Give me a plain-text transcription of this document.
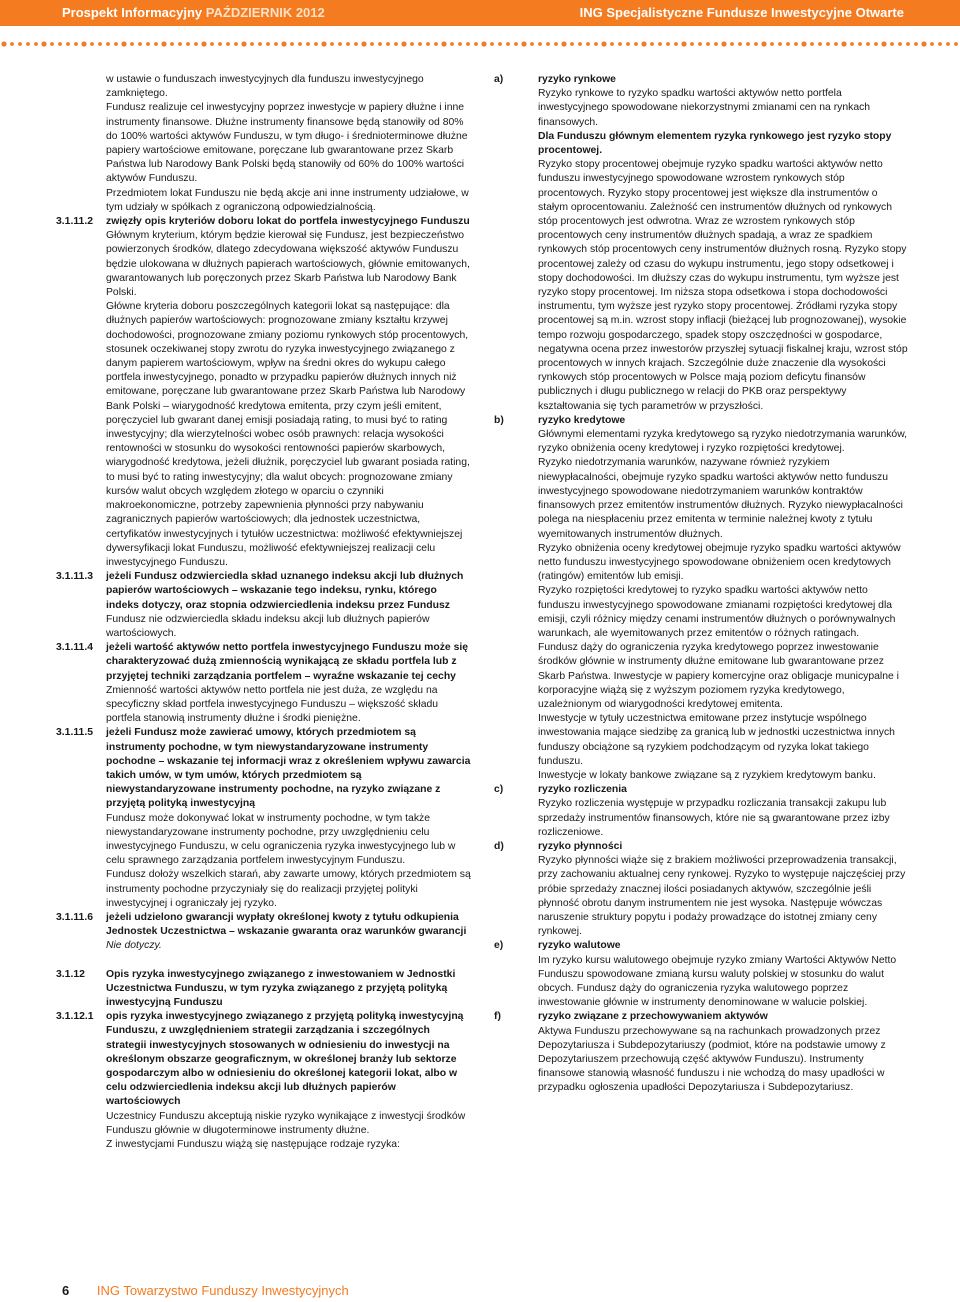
Prospekt Informacyjny PAŹDZIERNIK 2012	ING Specjalistyczne Fundusze Inwestycyjne Otwarte

w ustawie o funduszach inwestycyjnych dla funduszu inwestycyjnego zamkniętego.

Fundusz realizuje cel inwestycyjny poprzez inwestycje w papiery dłużne i inne instrumenty finansowe. Dłużne instrumenty finansowe będą stanowiły od 80% do 100% wartości aktywów Funduszu, w tym długo- i średnioterminowe dłużne papiery wartościowe emitowane, poręczane lub gwarantowane przez Skarb Państwa lub Narodowy Bank Polski będą stanowiły od 60% do 100% wartości aktywów Funduszu.

Przedmiotem lokat Funduszu nie będą akcje ani inne instrumenty udziałowe, w tym udziały w spółkach z ograniczoną odpowiedzialnością.

3.1.11.2	zwięzły opis kryteriów doboru lokat do portfela inwestycyjnego Funduszu

Głównym kryterium, którym będzie kierował się Fundusz, jest bezpieczeństwo powierzonych środków, dlatego zdecydowana większość aktywów Funduszu będzie ulokowana w dłużnych papierach wartościowych, głównie emitowanych, gwarantowanych lub poręczonych przez Skarb Państwa lub Narodowy Bank Polski.

Główne kryteria doboru poszczególnych kategorii lokat są następujące: dla dłużnych papierów wartościowych: prognozowane zmiany kształtu krzywej dochodowości, prognozowane zmiany poziomu rynkowych stóp procentowych, stosunek oczekiwanej stopy zwrotu do ryzyka inwestycyjnego związanego z danym papierem wartościowym, wpływ na średni okres do wykupu całego portfela inwestycyjnego, ponadto w przypadku papierów dłużnych innych niż emitowane, poręczane lub gwarantowane przez Skarb Państwa lub Narodowy Bank Polski – wiarygodność kredytowa emitenta, przy czym jeśli emitent, poręczyciel lub gwarant danej emisji posiadają rating, to musi być to rating inwestycyjny; dla wierzytelności wobec osób prawnych: relacja wysokości rentowności w stosunku do wysokości rentowności papierów skarbowych, wiarygodność kredytowa, jeżeli dłużnik, poręczyciel lub gwarant posiada rating, to musi być to rating inwestycyjny; dla walut obcych: prognozowane zmiany kursów walut obcych względem złotego w oparciu o czynniki makroekonomiczne, potrzeby zapewnienia płynności przy nabywaniu zagranicznych papierów wartościowych; dla jednostek uczestnictwa, certyfikatów inwestycyjnych i tytułów uczestnictwa: możliwość efektywniejszej dywersyfikacji lokat Funduszu, możliwość efektywniejszej realizacji celu inwestycyjnego Funduszu.

3.1.11.3	jeżeli Fundusz odzwierciedla skład uznanego indeksu akcji lub dłużnych papierów wartościowych – wskazanie tego indeksu, rynku, którego indeks dotyczy, oraz stopnia odzwierciedlenia indeksu przez Fundusz

Fundusz nie odzwierciedla składu indeksu akcji lub dłużnych papierów wartościowych.

3.1.11.4	jeżeli wartość aktywów netto portfela inwestycyjnego Funduszu może się charakteryzować dużą zmiennością wynikającą ze składu portfela lub z przyjętej techniki zarządzania portfelem – wyraźne wskazanie tej cechy

Zmienność wartości aktywów netto portfela nie jest duża, ze względu na specyficzny skład portfela inwestycyjnego Funduszu – większość składu portfela stanowią instrumenty dłużne i środki pieniężne.

3.1.11.5	jeżeli Fundusz może zawierać umowy, których przedmiotem są instrumenty pochodne, w tym niewystandaryzowane instrumenty pochodne – wskazanie tej informacji wraz z określeniem wpływu zawarcia takich umów, w tym umów, których przedmiotem są niewystandaryzowane instrumenty pochodne, na ryzyko związane z przyjętą polityką inwestycyjną

Fundusz może dokonywać lokat w instrumenty pochodne, w tym także niewystandaryzowane instrumenty pochodne, przy uwzględnieniu celu inwestycyjnego Funduszu, w celu ograniczenia ryzyka inwestycyjnego lub w celu sprawnego zarządzania portfelem inwestycyjnym Funduszu.

Fundusz dołoży wszelkich starań, aby zawarte umowy, których przedmiotem są instrumenty pochodne przyczyniały się do realizacji przyjętej polityki inwestycyjnej i ograniczały jej ryzyko.

3.1.11.6	jeżeli udzielono gwarancji wypłaty określonej kwoty z tytułu odkupienia Jednostek Uczestnictwa – wskazanie gwaranta oraz warunków gwarancji

Nie dotyczy.

3.1.12	Opis ryzyka inwestycyjnego związanego z inwestowaniem w Jednostki Uczestnictwa Funduszu, w tym ryzyka związanego z przyjętą polityką inwestycyjną Funduszu

3.1.12.1	opis ryzyka inwestycyjnego związanego z przyjętą polityką inwestycyjną Funduszu, z uwzględnieniem strategii zarządzania i szczególnych strategii inwestycyjnych stosowanych w odniesieniu do inwestycji na określonym obszarze geograficznym, w określonej branży lub sektorze gospodarczym albo w odniesieniu do określonej kategorii lokat, albo w celu odzwierciedlenia indeksu akcji lub dłużnych papierów wartościowych

Uczestnicy Funduszu akceptują niskie ryzyko wynikające z inwestycji środków Funduszu głównie w długoterminowe instrumenty dłużne.

Z inwestycjami Funduszu wiążą się następujące rodzaje ryzyka:

a)	ryzyko rynkowe

Ryzyko rynkowe to ryzyko spadku wartości aktywów netto portfela inwestycyjnego spowodowane niekorzystnymi zmianami cen na rynkach finansowych.

Dla Funduszu głównym elementem ryzyka rynkowego jest ryzyko stopy procentowej.

Ryzyko stopy procentowej obejmuje ryzyko spadku wartości aktywów netto funduszu inwestycyjnego spowodowane wzrostem rynkowych stóp procentowych. Ryzyko stopy procentowej jest większe dla instrumentów o stałym oprocentowaniu. Zależność cen instrumentów dłużnych od rynkowych stóp procentowych jest odwrotna. Wraz ze wzrostem rynkowych stóp procentowych ceny instrumentów dłużnych spadają, a wraz ze spadkiem rynkowych stóp procentowych ceny instrumentów dłużnych rosną. Ryzyko stopy procentowej zależy od czasu do wykupu instrumentu, jego stopy odsetkowej i stopy dochodowości. Im dłuższy czas do wykupu instrumentu, tym wyższe jest ryzyko stopy procentowej. Im niższa stopa odsetkowa i stopa dochodowości instrumentu, tym wyższe jest ryzyko stopy procentowej. Źródłami ryzyka stopy procentowej są m.in. wzrost stopy inflacji (bieżącej lub prognozowanej), wysokie tempo rozwoju gospodarczego, spadek stopy oszczędności w gospodarce, negatywna ocena przez inwestorów przyszłej sytuacji fiskalnej kraju, wzrost stóp procentowych w innych krajach. Szczególnie duże znaczenie dla wysokości rynkowych stóp procentowych w Polsce mają poziom deficytu finansów publicznych i długu publicznego w relacji do PKB oraz perspektywy kształtowania się tych parametrów w przyszłości.

b)	ryzyko kredytowe

Głównymi elementami ryzyka kredytowego są ryzyko niedotrzymania warunków, ryzyko obniżenia oceny kredytowej i ryzyko rozpiętości kredytowej.

Ryzyko niedotrzymania warunków, nazywane również ryzykiem niewypłacalności, obejmuje ryzyko spadku wartości aktywów netto funduszu inwestycyjnego spowodowane niedotrzymaniem warunków kontraktów finansowych przez emitentów instrumentów dłużnych. Ryzyko niewypłacalności polega na niespłaceniu przez emitenta w terminie należnej kwoty z tytułu wyemitowanych instrumentów dłużnych.

Ryzyko obniżenia oceny kredytowej obejmuje ryzyko spadku wartości aktywów netto funduszu inwestycyjnego spowodowane obniżeniem ocen kredytowych (ratingów) emitentów lub emisji.

Ryzyko rozpiętości kredytowej to ryzyko spadku wartości aktywów netto funduszu inwestycyjnego spowodowane zmianami rozpiętości kredytowej dla emisji, czyli różnicy między cenami instrumentów dłużnych o porównywalnych warunkach, ale wyemitowanych przez emitentów o różnych ratingach.

Fundusz dąży do ograniczenia ryzyka kredytowego poprzez inwestowanie środków głównie w instrumenty dłużne emitowane lub gwarantowane przez Skarb Państwa. Inwestycje w papiery komercyjne oraz obligacje municypalne i korporacyjne wiążą się z wyższym poziomem ryzyka kredytowego, uzależnionym od wiarygodności kredytowej emitenta.

Inwestycje w tytuły uczestnictwa emitowane przez instytucje wspólnego inwestowania mające siedzibę za granicą lub w jednostki uczestnictwa innych funduszy obciążone są ryzykiem podchodzącym od ryzyka lokat takiego funduszu.

Inwestycje w lokaty bankowe związane są z ryzykiem kredytowym banku.

c)	ryzyko rozliczenia

Ryzyko rozliczenia występuje w przypadku rozliczania transakcji zakupu lub sprzedaży instrumentów finansowych, które nie są gwarantowane przez izby rozliczeniowe.

d)	ryzyko płynności

Ryzyko płynności wiąże się z brakiem możliwości przeprowadzenia transakcji, przy zachowaniu aktualnej ceny rynkowej. Ryzyko to występuje najczęściej przy próbie sprzedaży znacznej ilości posiadanych aktywów, szczególnie jeśli płynność obrotu danym instrumentem nie jest wysoka. Następuje wówczas naruszenie struktury popytu i podaży prowadzące do istotnej zmiany ceny rynkowej.

e)	ryzyko walutowe

Im ryzyko kursu walutowego obejmuje ryzyko zmiany Wartości Aktywów Netto Funduszu spowodowane zmianą kursu waluty polskiej w stosunku do walut obcych. Fundusz dąży do ograniczenia ryzyka walutowego poprzez inwestowanie głównie w instrumenty denominowane w walucie polskiej.

f)	ryzyko związane z przechowywaniem aktywów

Aktywa Funduszu przechowywane są na rachunkach prowadzonych przez Depozytariusza i Subdepozytariuszy (podmiot, które na podstawie umowy z Depozytariuszem przechowują część aktywów Funduszu). Instrumenty finansowe stanowią własność funduszu i nie wchodzą do masy upadłości w przypadku ogłoszenia upadłości Depozytariusza i Subdepozytariusz.

6 ING Towarzystwo Funduszy Inwestycyjnych
